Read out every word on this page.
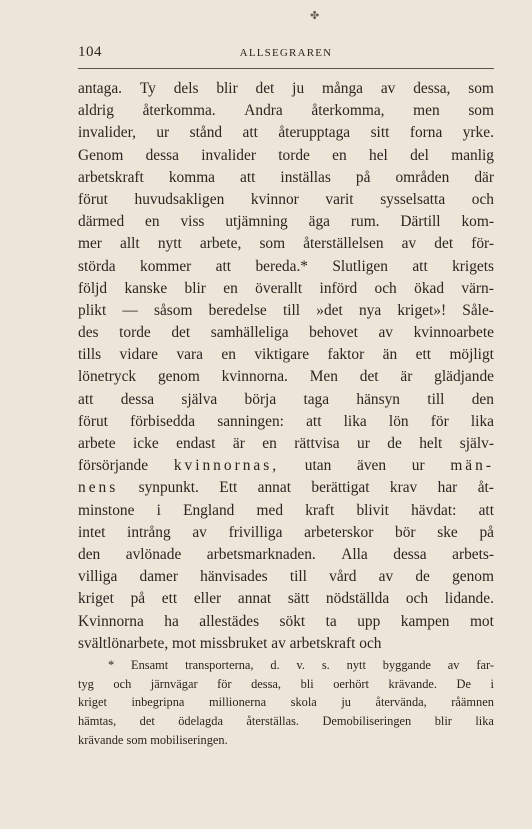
✤
104	ALLSEGRAREN
antaga. Ty dels blir det ju många av dessa, som
aldrig återkomma. Andra återkomma, men som
invalider, ur stånd att återupptaga sitt forna yrke.
Genom dessa invalider torde en hel del manlig
arbetskraft komma att inställas på områden där
förut huvudsakligen kvinnor varit sysselsatta och
därmed en viss utjämning äga rum. Därtill kom-
mer allt nytt arbete, som återställelsen av det för-
störda kommer att bereda.* Slutligen att krigets
följd kanske blir en överallt införd och ökad värn-
plikt — såsom beredelse till »det nya kriget»! Såle-
des torde det samhälleliga behovet av kvinnoarbete
tills vidare vara en viktigare faktor än ett möjligt
lönetryck genom kvinnorna. Men det är glädjande
att dessa själva börja taga hänsyn till den
förut förbisedda sanningen: att lika lön för lika
arbete icke endast är en rättvisa ur de helt själv-
försörjande kvinnornas, utan även ur män-
nens synpunkt. Ett annat berättigat krav har åt-
minstone i England med kraft blivit hävdat: att
intet intrång av frivilliga arbeterskor bör ske på
den avlönade arbetsmarknaden. Alla dessa arbets-
villiga damer hänvisades till vård av de genom
kriget på ett eller annat sätt nödställda och lidande.
Kvinnorna ha allestädes sökt ta upp kampen mot
svältlönarbete, mot missbruket av arbetskraft och
* Ensamt transporterna, d. v. s. nytt byggande av far-
tyg och järnvägar för dessa, bli oerhört krävande. De i
kriget inbegripna millionerna skola ju återvända, råämnen
hämtas, det ödelagda återställas. Demobiliseringen blir lika
krävande som mobiliseringen.
